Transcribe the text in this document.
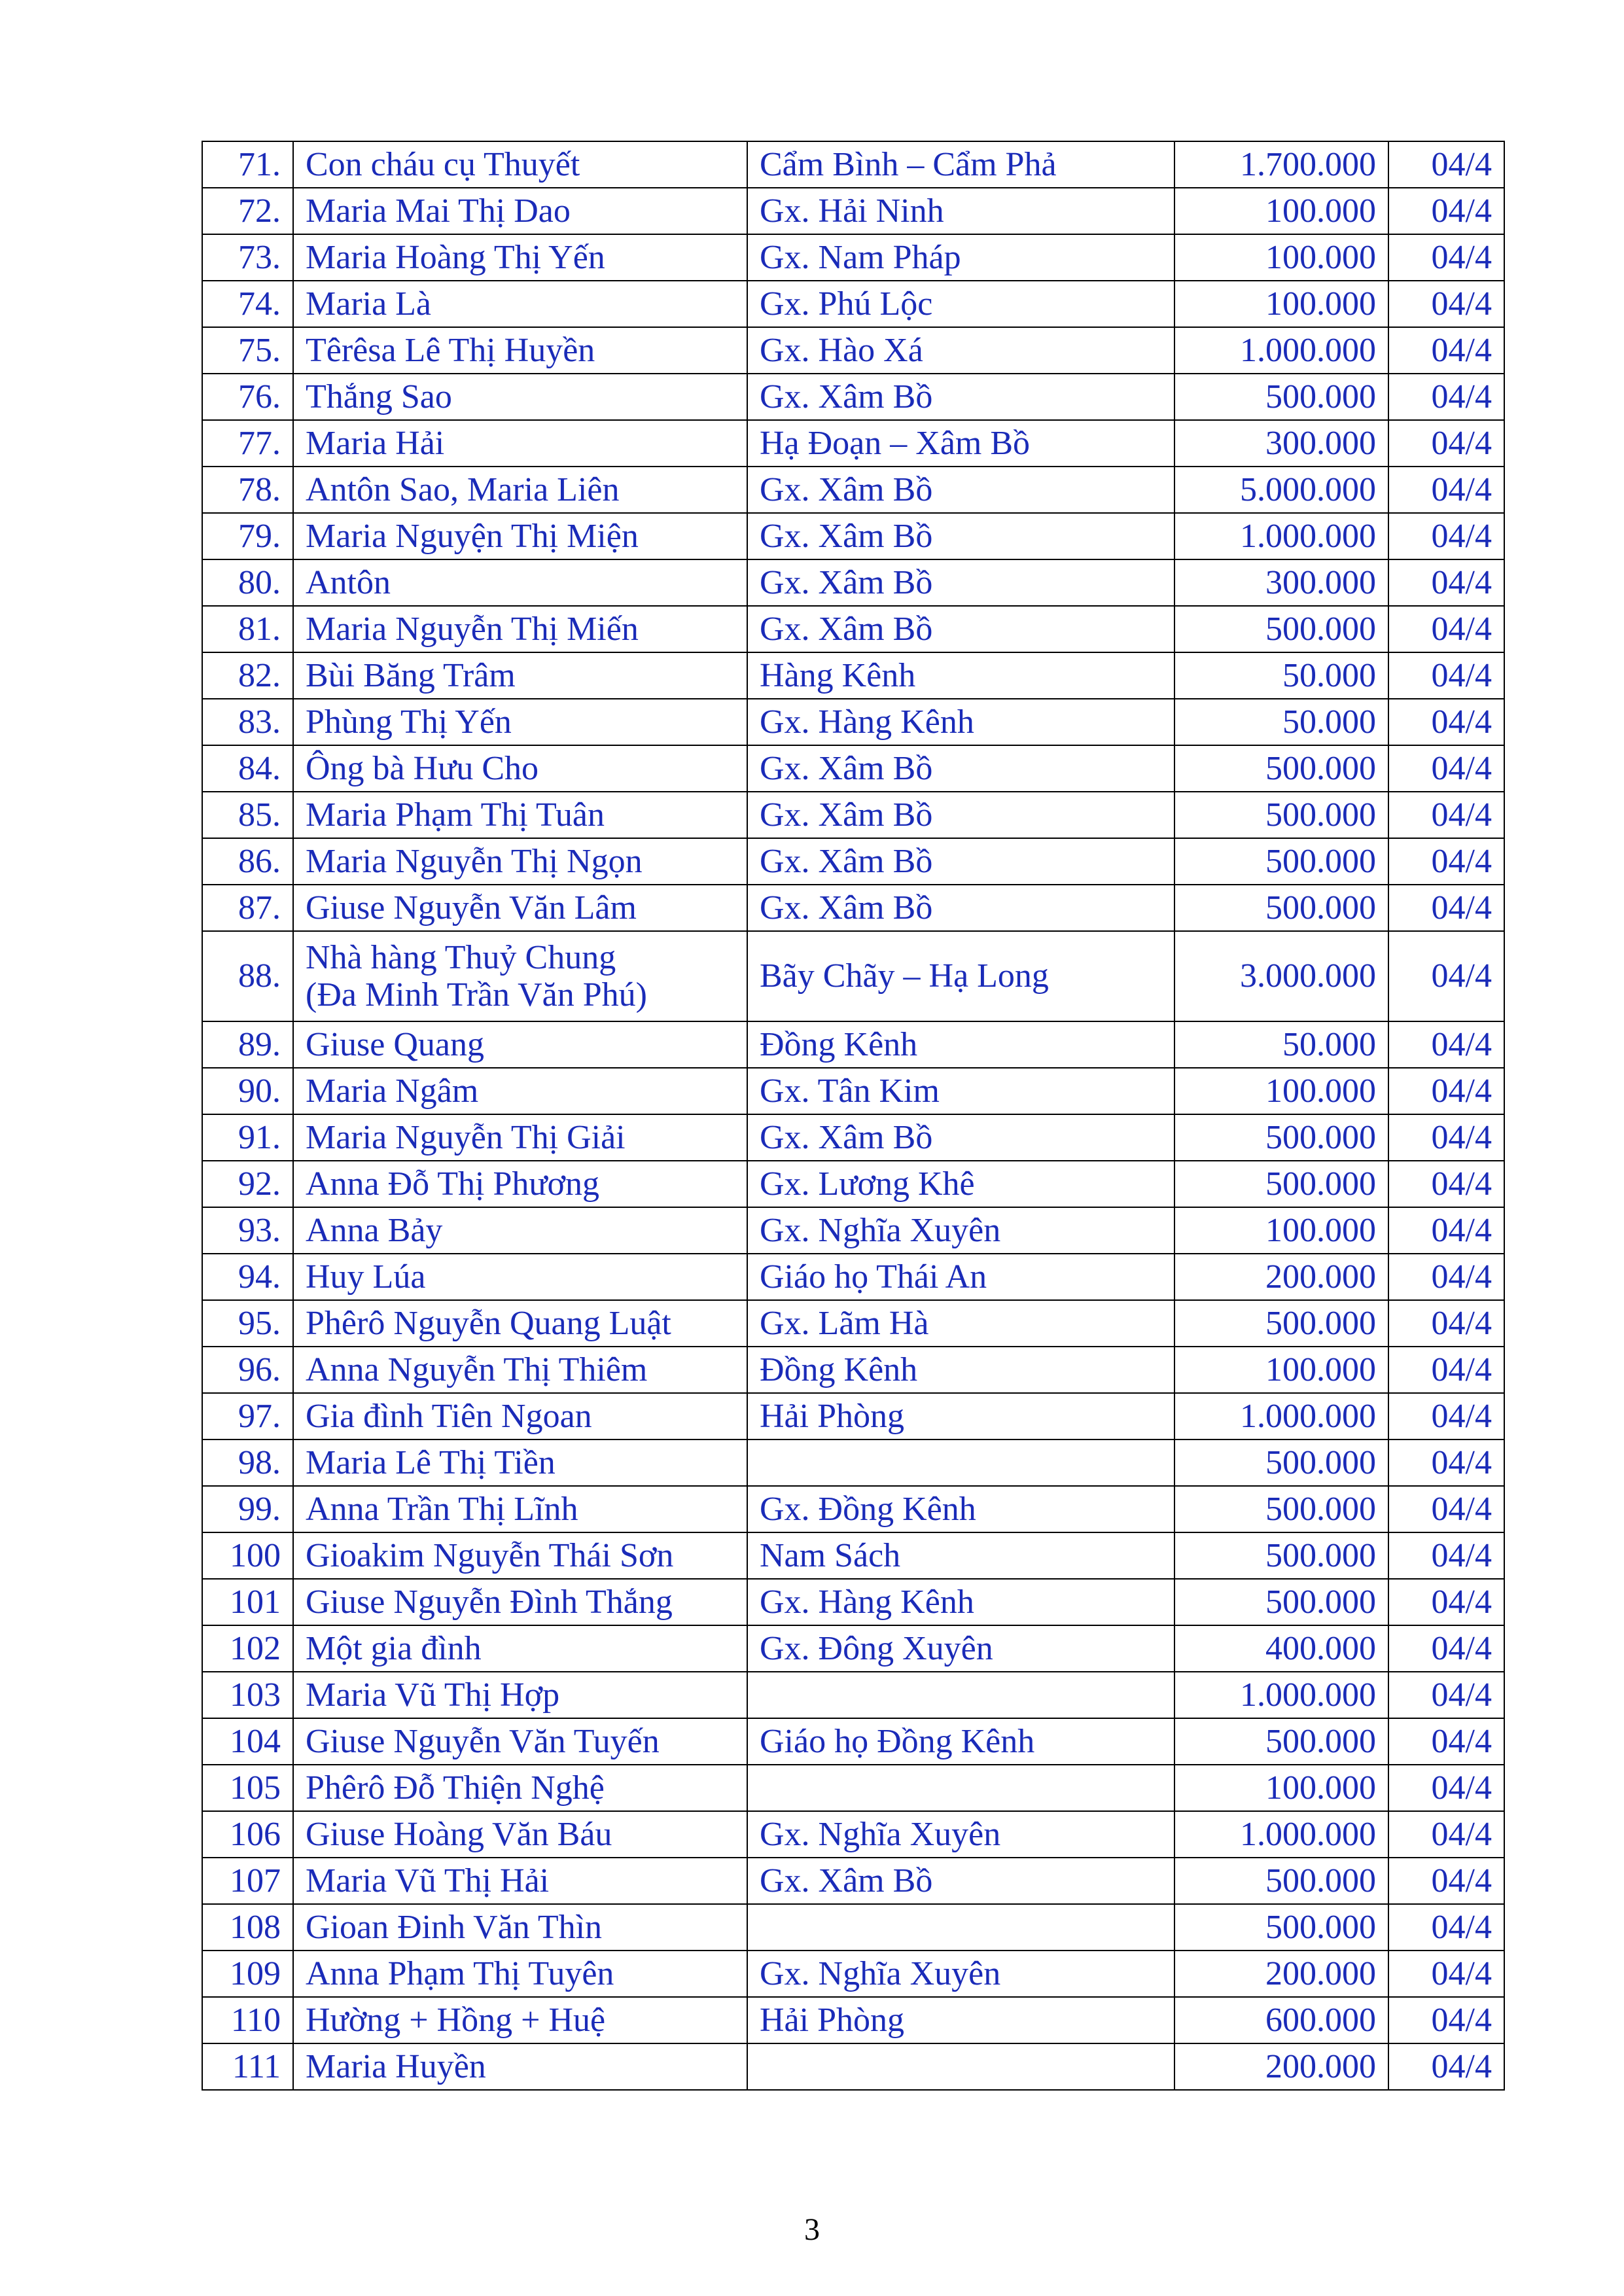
71.	Con cháu cụ Thuyết	Cẩm Bình – Cẩm Phả	1.700.000	04/4
72.	Maria Mai Thị Dao	Gx. Hải Ninh	100.000	04/4
73.	Maria Hoàng Thị Yến	Gx. Nam Pháp	100.000	04/4
74.	Maria Là	Gx. Phú Lộc	100.000	04/4
75.	Têrêsa Lê Thị Huyền	Gx. Hào Xá	1.000.000	04/4
76.	Thắng Sao	Gx. Xâm Bồ	500.000	04/4
77.	Maria Hải	Hạ Đoạn – Xâm Bồ	300.000	04/4
78.	Antôn Sao, Maria Liên	Gx. Xâm Bồ	5.000.000	04/4
79.	Maria Nguyện Thị Miện	Gx. Xâm Bồ	1.000.000	04/4
80.	Antôn	Gx. Xâm Bồ	300.000	04/4
81.	Maria Nguyễn Thị Miến	Gx. Xâm Bồ	500.000	04/4
82.	Bùi Băng Trâm	Hàng Kênh	50.000	04/4
83.	Phùng Thị Yến	Gx. Hàng Kênh	50.000	04/4
84.	Ông bà Hưu Cho	Gx. Xâm Bồ	500.000	04/4
85.	Maria Phạm Thị Tuân	Gx. Xâm Bồ	500.000	04/4
86.	Maria Nguyễn Thị Ngọn	Gx. Xâm Bồ	500.000	04/4
87.	Giuse Nguyễn Văn Lâm	Gx. Xâm Bồ	500.000	04/4
88.	Nhà hàng Thuỷ Chung
(Đa Minh Trần Văn Phú)	Bãy Chãy – Hạ Long	3.000.000	04/4
89.	Giuse Quang	Đồng Kênh	50.000	04/4
90.	Maria Ngâm	Gx. Tân Kim	100.000	04/4
91.	Maria Nguyễn Thị Giải	Gx. Xâm Bồ	500.000	04/4
92.	Anna Đỗ Thị Phương	Gx. Lương Khê	500.000	04/4
93.	Anna Bảy	Gx. Nghĩa Xuyên	100.000	04/4
94.	Huy Lúa	Giáo họ Thái An	200.000	04/4
95.	Phêrô Nguyễn Quang Luật	Gx. Lãm Hà	500.000	04/4
96.	Anna Nguyễn Thị Thiêm	Đồng Kênh	100.000	04/4
97.	Gia đình Tiên Ngoan	Hải Phòng	1.000.000	04/4
98.	Maria Lê Thị Tiền		500.000	04/4
99.	Anna Trần Thị Lĩnh	Gx. Đồng Kênh	500.000	04/4
100	Gioakim Nguyễn Thái Sơn	Nam Sách	500.000	04/4
101	Giuse Nguyễn Đình Thắng	Gx. Hàng Kênh	500.000	04/4
102	Một gia đình	Gx. Đông Xuyên	400.000	04/4
103	Maria Vũ Thị Hợp		1.000.000	04/4
104	Giuse Nguyễn Văn Tuyến	Giáo họ Đồng Kênh	500.000	04/4
105	Phêrô Đỗ Thiện Nghệ		100.000	04/4
106	Giuse Hoàng Văn Báu	Gx. Nghĩa Xuyên	1.000.000	04/4
107	Maria Vũ Thị Hải	Gx. Xâm Bồ	500.000	04/4
108	Gioan Đinh Văn Thìn		500.000	04/4
109	Anna Phạm Thị Tuyên	Gx. Nghĩa Xuyên	200.000	04/4
110	Hường + Hồng + Huệ	Hải Phòng	600.000	04/4
111	Maria Huyền		200.000	04/4
3
